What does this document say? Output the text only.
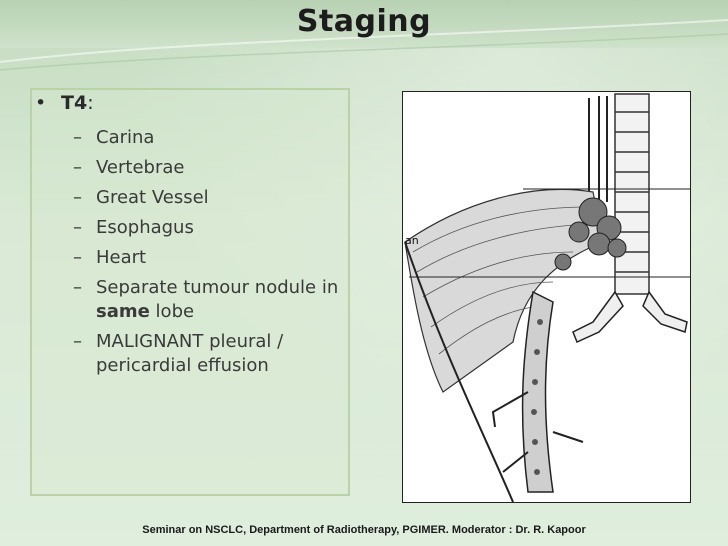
Staging
• T4:
– Carina
– Vertebrae
– Great Vessel
– Esophagus
– Heart
– Separate tumour nodule in same lobe
– MALIGNANT pleural / pericardial effusion
an
Seminar on NSCLC, Department of Radiotherapy, PGIMER. Moderator : Dr. R. Kapoor
